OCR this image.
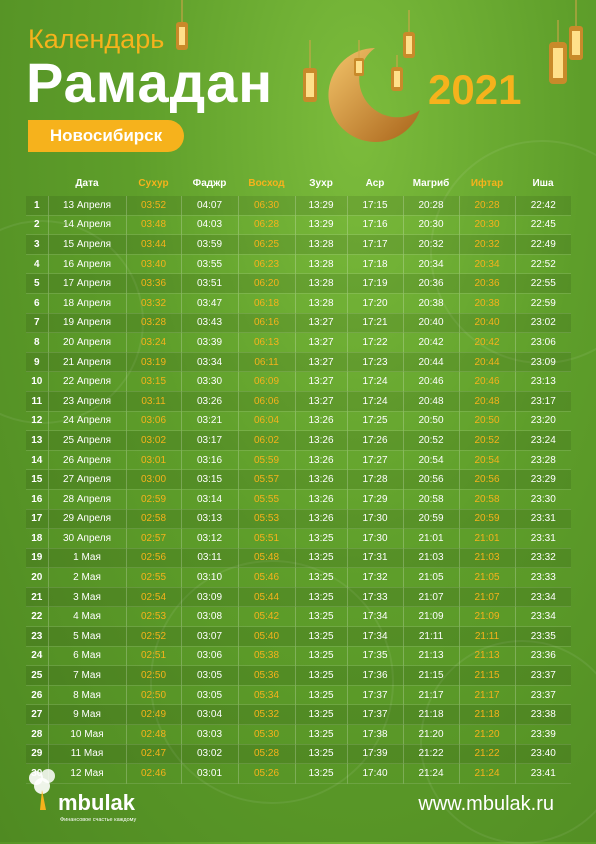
Календарь
Рамадан	2021
Новосибирск
	Дата	Сухур	Фаджр	Восход	Зухр	Аср	Магриб	Ифтар	Иша
1	13 Апреля	03:52	04:07	06:30	13:29	17:15	20:28	20:28	22:42
2	14 Апреля	03:48	04:03	06:28	13:29	17:16	20:30	20:30	22:45
3	15 Апреля	03:44	03:59	06:25	13:28	17:17	20:32	20:32	22:49
4	16 Апреля	03:40	03:55	06:23	13:28	17:18	20:34	20:34	22:52
5	17 Апреля	03:36	03:51	06:20	13:28	17:19	20:36	20:36	22:55
6	18 Апреля	03:32	03:47	06:18	13:28	17:20	20:38	20:38	22:59
7	19 Апреля	03:28	03:43	06:16	13:27	17:21	20:40	20:40	23:02
8	20 Апреля	03:24	03:39	06:13	13:27	17:22	20:42	20:42	23:06
9	21 Апреля	03:19	03:34	06:11	13:27	17:23	20:44	20:44	23:09
10	22 Апреля	03:15	03:30	06:09	13:27	17:24	20:46	20:46	23:13
11	23 Апреля	03:11	03:26	06:06	13:27	17:24	20:48	20:48	23:17
12	24 Апреля	03:06	03:21	06:04	13:26	17:25	20:50	20:50	23:20
13	25 Апреля	03:02	03:17	06:02	13:26	17:26	20:52	20:52	23:24
14	26 Апреля	03:01	03:16	05:59	13:26	17:27	20:54	20:54	23:28
15	27 Апреля	03:00	03:15	05:57	13:26	17:28	20:56	20:56	23:29
16	28 Апреля	02:59	03:14	05:55	13:26	17:29	20:58	20:58	23:30
17	29 Апреля	02:58	03:13	05:53	13:26	17:30	20:59	20:59	23:31
18	30 Апреля	02:57	03:12	05:51	13:25	17:30	21:01	21:01	23:31
19	1 Мая	02:56	03:11	05:48	13:25	17:31	21:03	21:03	23:32
20	2 Мая	02:55	03:10	05:46	13:25	17:32	21:05	21:05	23:33
21	3 Мая	02:54	03:09	05:44	13:25	17:33	21:07	21:07	23:34
22	4 Мая	02:53	03:08	05:42	13:25	17:34	21:09	21:09	23:34
23	5 Мая	02:52	03:07	05:40	13:25	17:34	21:11	21:11	23:35
24	6 Мая	02:51	03:06	05:38	13:25	17:35	21:13	21:13	23:36
25	7 Мая	02:50	03:05	05:36	13:25	17:36	21:15	21:15	23:37
26	8 Мая	02:50	03:05	05:34	13:25	17:37	21:17	21:17	23:37
27	9 Мая	02:49	03:04	05:32	13:25	17:37	21:18	21:18	23:38
28	10 Мая	02:48	03:03	05:30	13:25	17:38	21:20	21:20	23:39
29	11 Мая	02:47	03:02	05:28	13:25	17:39	21:22	21:22	23:40
	12 Мая	02:46	03:01	05:26	13:25	17:40	21:24	21:24	23:41
mbulak
Финансовое счастье каждому
www.mbulak.ru
